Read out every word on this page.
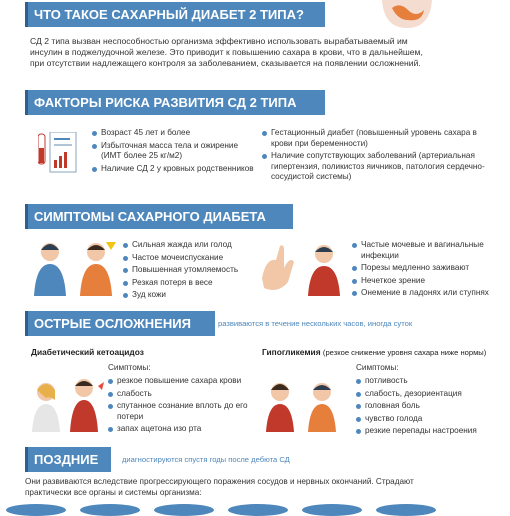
ЧТО ТАКОЕ САХАРНЫЙ ДИАБЕТ 2 ТИПА?
СД 2 типа вызван неспособностью организма эффективно использовать вырабатываемый им инсулин в поджелудочной железе. Это приводит к повышению сахара в крови, что в дальнейшем, при отсутствии надлежащего контроля за заболеванием, сказывается на появлении осложнений.
ФАКТОРЫ РИСКА РАЗВИТИЯ СД 2 ТИПА
Возраст 45 лет и более
Избыточная масса тела и ожирение (ИМТ более 25 кг/м2)
Наличие СД 2 у кровных родственников
Гестационный диабет (повышенный уровень сахара в крови при беременности)
Наличие сопутствующих заболеваний (артериальная гипертензия, поликистоз яичников, патология сердечно-сосудистой системы)
СИМПТОМЫ САХАРНОГО ДИАБЕТА
Сильная жажда или голод
Частое мочеиспускание
Повышенная утомляемость
Резкая потеря в весе
Зуд кожи
Частые мочевые и вагинальные инфекции
Порезы медленно заживают
Нечеткое зрение
Онемение в ладонях или ступнях
ОСТРЫЕ ОСЛОЖНЕНИЯ	развиваются в течение нескольких часов, иногда суток
Диабетический кетоацидоз
Симптомы:
резкое повышение сахара крови
слабость
спутанное сознание вплоть до его потери
запах ацетона изо рта
Гипогликемия (резкое снижение уровня сахара ниже нормы)
Симптомы:
потливость
слабость, дезориентация
головная боль
чувство голода
резкие перепады настроения
ПОЗДНИЕ	диагностируются спустя годы после дебюта СД
Они развиваются вследствие прогрессирующего поражения сосудов и нервных окончаний. Страдают практически все органы и системы организма:
